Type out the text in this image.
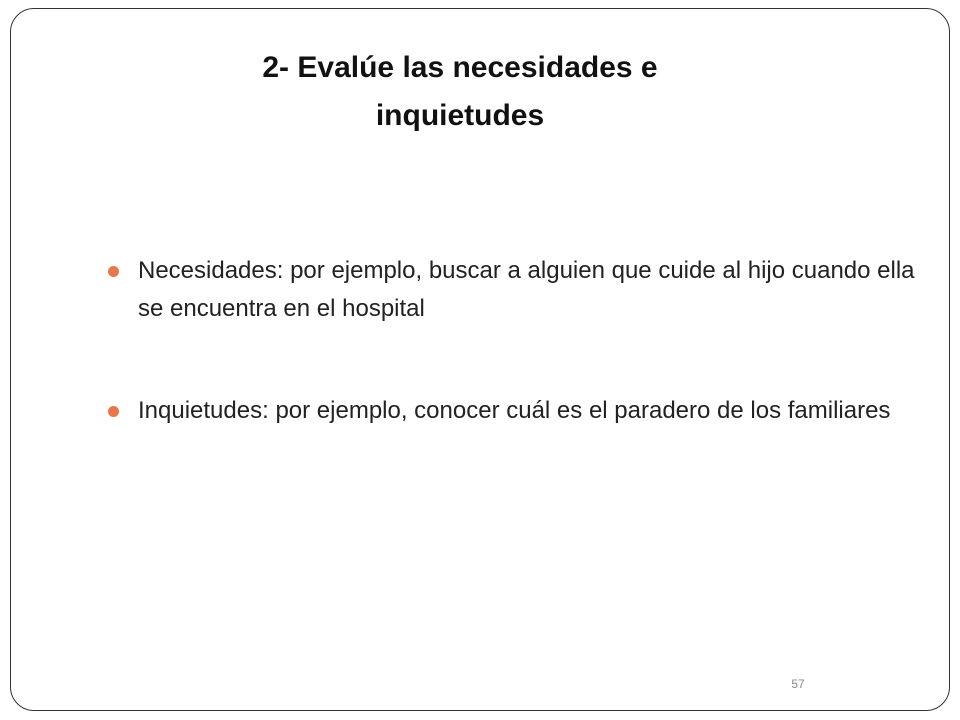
2- Evalúe las necesidades e
inquietudes
Necesidades: por ejemplo, buscar a alguien que cuide al hijo cuando ella se encuentra en el hospital
Inquietudes: por ejemplo, conocer cuál es el paradero de los familiares
57
